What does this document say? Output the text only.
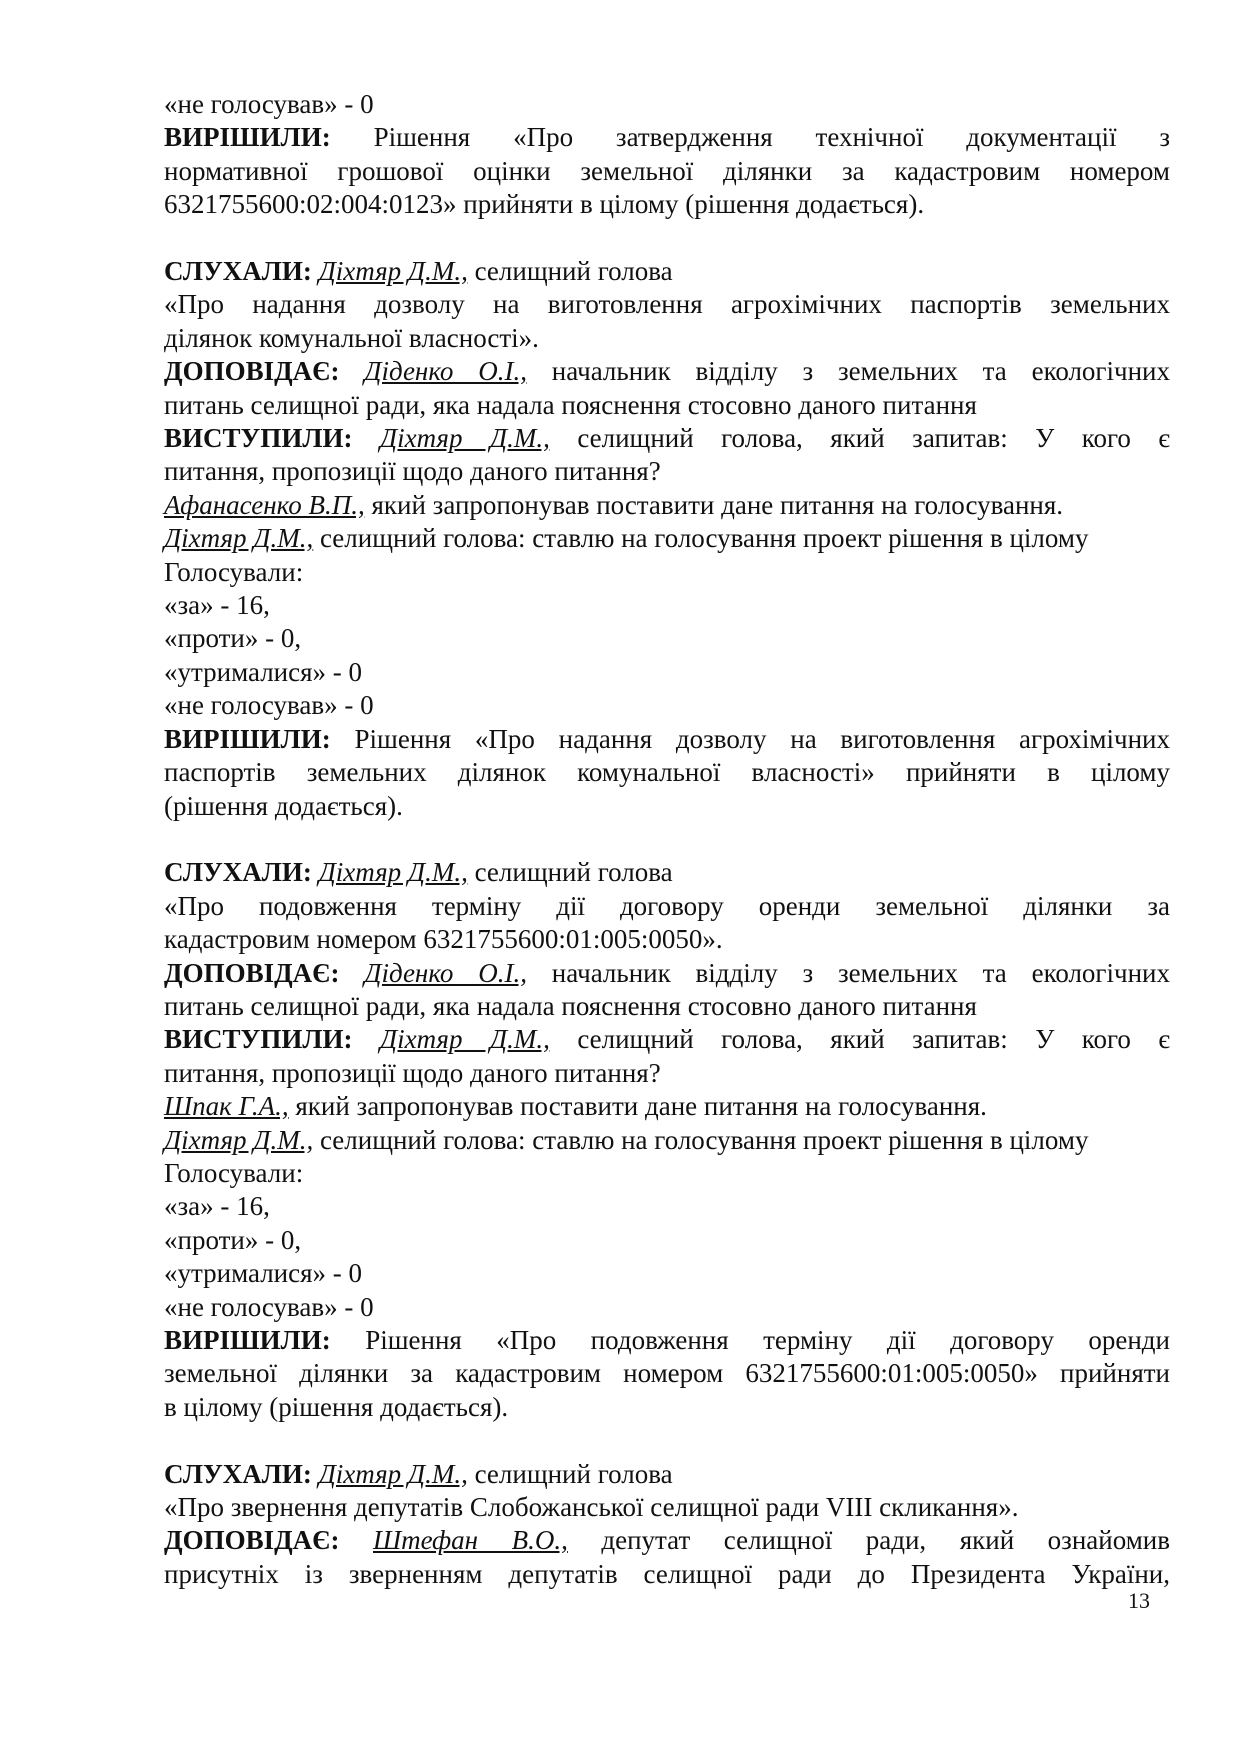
«не голосував» - 0
ВИРІШИЛИ: Рішення «Про затвердження технічної документації з
нормативної грошової оцінки земельної ділянки за кадастровим номером
6321755600:02:004:0123» прийняти в цілому (рішення додається).
СЛУХАЛИ: Діхтяр Д.М., селищний голова
«Про надання дозволу на виготовлення агрохімічних паспортів земельних
ділянок комунальної власності».
ДОПОВІДАЄ: Діденко О.І., начальник відділу з земельних та екологічних
питань селищної ради, яка надала пояснення стосовно даного питання
ВИСТУПИЛИ: Діхтяр Д.М., селищний голова, який запитав: У кого є
питання, пропозиції щодо даного питання?
Афанасенко В.П., який запропонував поставити дане питання на голосування.
Діхтяр Д.М., селищний голова: ставлю на голосування проект рішення в цілому
Голосували:
«за» - 16,
«проти» - 0,
«утрималися» - 0
«не голосував» - 0
ВИРІШИЛИ: Рішення «Про надання дозволу на виготовлення агрохімічних
паспортів земельних ділянок комунальної власності» прийняти в цілому
(рішення додається).
СЛУХАЛИ: Діхтяр Д.М., селищний голова
«Про подовження терміну дії договору оренди земельної ділянки за
кадастровим номером 6321755600:01:005:0050».
ДОПОВІДАЄ: Діденко О.І., начальник відділу з земельних та екологічних
питань селищної ради, яка надала пояснення стосовно даного питання
ВИСТУПИЛИ: Діхтяр Д.М., селищний голова, який запитав: У кого є
питання, пропозиції щодо даного питання?
Шпак Г.А., який запропонував поставити дане питання на голосування.
Діхтяр Д.М., селищний голова: ставлю на голосування проект рішення в цілому
Голосували:
«за» - 16,
«проти» - 0,
«утрималися» - 0
«не голосував» - 0
ВИРІШИЛИ: Рішення «Про подовження терміну дії договору оренди
земельної ділянки за кадастровим номером 6321755600:01:005:0050» прийняти
в цілому (рішення додається).
СЛУХАЛИ: Діхтяр Д.М., селищний голова
«Про звернення депутатів Слобожанської селищної ради VIII скликання».
ДОПОВІДАЄ: Штефан В.О., депутат селищної ради, який ознайомив
присутніх із зверненням депутатів селищної ради до Президента України,
13
